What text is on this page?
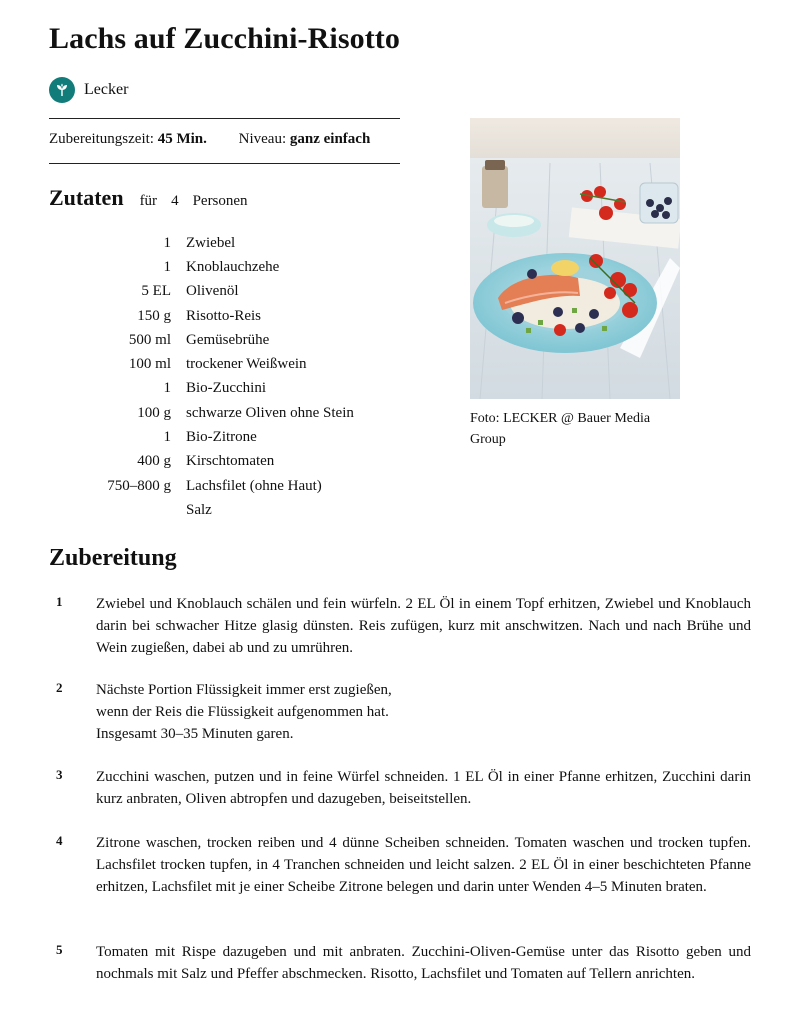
Lachs auf Zucchini-Risotto
Lecker
Zubereitungszeit: 45 Min. Niveau: ganz einfach
Zutaten für 4 Personen
1 Zwiebel
1 Knoblauchzehe
5 EL Olivenöl
150 g Risotto-Reis
500 ml Gemüsebrühe
100 ml trockener Weißwein
1 Bio-Zucchini
100 g schwarze Oliven ohne Stein
1 Bio-Zitrone
400 g Kirschtomaten
750–800 g Lachsfilet (ohne Haut)
Salz

Foto: LECKER @ Bauer Media Group

Zubereitung
1	Zwiebel und Knoblauch schälen und fein würfeln. 2 EL Öl in einem Topf erhitzen, Zwiebel und Knoblauch darin bei schwacher Hitze glasig dünsten. Reis zufügen, kurz mit anschwitzen. Nach und nach Brühe und Wein zugießen, dabei ab und zu umrühren.

2	Nächste Portion Flüssigkeit immer erst zugießen,
wenn der Reis die Flüssigkeit aufgenommen hat.
Insgesamt 30–35 Minuten garen.
3	Zucchini waschen, putzen und in feine Würfel schneiden. 1 EL Öl in einer Pfanne erhitzen, Zucchini darin kurz anbraten, Oliven abtropfen und dazugeben, beiseitstellen.

4	Zitrone waschen, trocken reiben und 4 dünne Scheiben schneiden. Tomaten waschen und trocken tupfen. Lachsfilet trocken tupfen, in 4 Tranchen schneiden und leicht salzen. 2 EL Öl in einer beschichteten Pfanne erhitzen, Lachsfilet mit je einer Scheibe Zitrone belegen und darin unter Wenden 4–5 Minuten braten.

5	Tomaten mit Rispe dazugeben und mit anbraten. Zucchini-Oliven-Gemüse unter das Risotto geben und nochmals mit Salz und Pfeffer abschmecken. Risotto, Lachsfilet und Tomaten auf Tellern anrichten.
